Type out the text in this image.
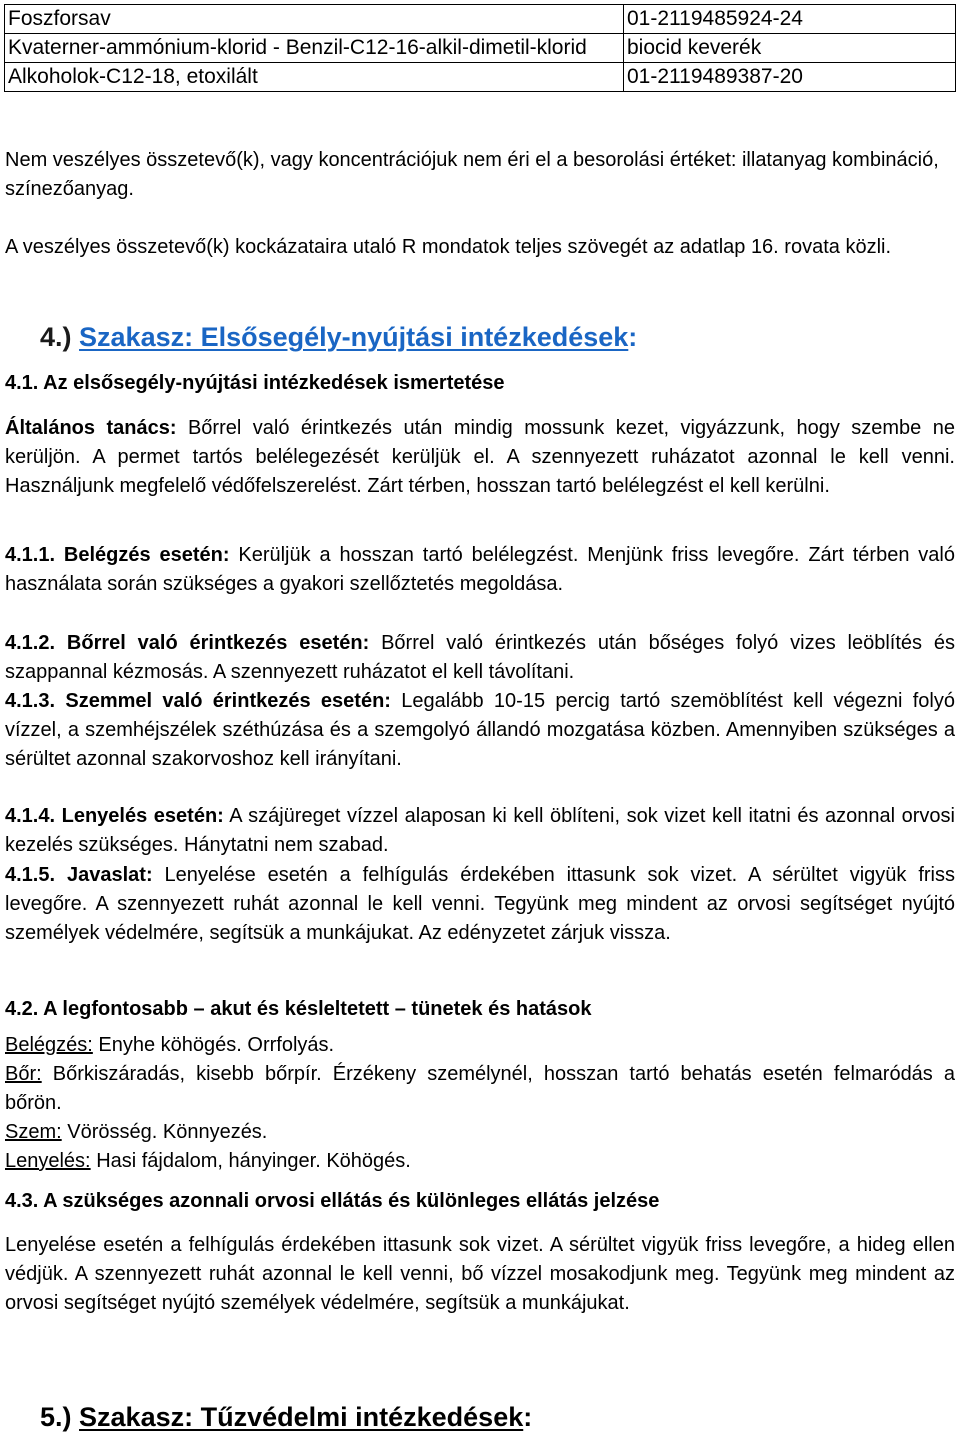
Foszforsav	01-2119485924-24
Kvaterner-ammónium-klorid - Benzil-C12-16-alkil-dimetil-klorid	biocid keverék
Alkoholok-C12-18, etoxilált	01-2119489387-20
Nem veszélyes összetevő(k), vagy koncentrációjuk nem éri el a besorolási értéket: illatanyag kombináció, színezőanyag.
A veszélyes összetevő(k) kockázataira utaló R mondatok teljes szövegét az adatlap 16. rovata közli.
4.) Szakasz: Elsősegély-nyújtási intézkedések:
4.1. Az elsősegély-nyújtási intézkedések ismertetése
Általános tanács: Bőrrel való érintkezés után mindig mossunk kezet, vigyázzunk, hogy szembe ne kerüljön. A permet tartós belélegezését kerüljük el. A szennyezett ruházatot azonnal le kell venni. Használjunk megfelelő védőfelszerelést. Zárt térben, hosszan tartó belélegzést el kell kerülni.
4.1.1. Belégzés esetén: Kerüljük a hosszan tartó belélegzést. Menjünk friss levegőre. Zárt térben való használata során szükséges a gyakori szellőztetés megoldása.
4.1.2. Bőrrel való érintkezés esetén: Bőrrel való érintkezés után bőséges folyó vizes leöblítés és szappannal kézmosás. A szennyezett ruházatot el kell távolítani.
4.1.3. Szemmel való érintkezés esetén: Legalább 10-15 percig tartó szemöblítést kell végezni folyó vízzel, a szemhéjszélek széthúzása és a szemgolyó állandó mozgatása közben. Amennyiben szükséges a sérültet azonnal szakorvoshoz kell irányítani.
4.1.4. Lenyelés esetén: A szájüreget vízzel alaposan ki kell öblíteni, sok vizet kell itatni és azonnal orvosi kezelés szükséges. Hánytatni nem szabad.
4.1.5. Javaslat: Lenyelése esetén a felhígulás érdekében ittasunk sok vizet. A sérültet vigyük friss levegőre. A szennyezett ruhát azonnal le kell venni. Tegyünk meg mindent az orvosi segítséget nyújtó személyek védelmére, segítsük a munkájukat. Az edényzetet zárjuk vissza.
4.2. A legfontosabb – akut és késleltetett – tünetek és hatások
Belégzés: Enyhe köhögés. Orrfolyás.
Bőr: Bőrkiszáradás, kisebb bőrpír. Érzékeny személynél, hosszan tartó behatás esetén felmaródás a bőrön.
Szem: Vörösség. Könnyezés.
Lenyelés: Hasi fájdalom, hányinger. Köhögés.
4.3. A szükséges azonnali orvosi ellátás és különleges ellátás jelzése
Lenyelése esetén a felhígulás érdekében ittasunk sok vizet. A sérültet vigyük friss levegőre, a hideg ellen védjük. A szennyezett ruhát azonnal le kell venni, bő vízzel mosakodjunk meg. Tegyünk meg mindent az orvosi segítséget nyújtó személyek védelmére, segítsük a munkájukat.
5.) Szakasz: Tűzvédelmi intézkedések:
